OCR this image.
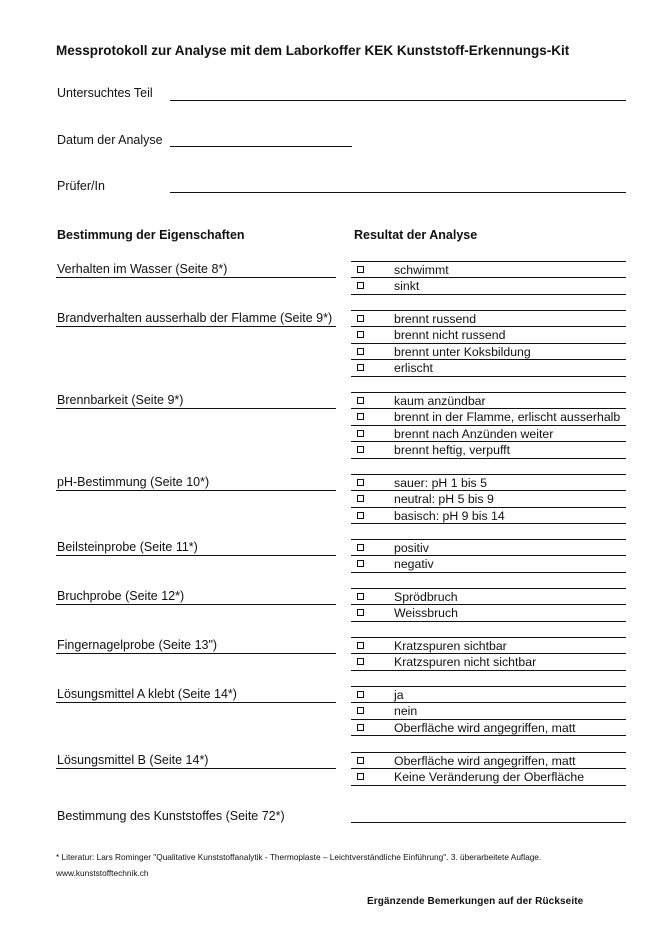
Messprotokoll zur Analyse mit dem Laborkoffer KEK Kunststoff-Erkennungs-Kit
Untersuchtes Teil
Datum der Analyse
Prüfer/In
Bestimmung der Eigenschaften	Resultat der Analyse
Verhalten im Wasser (Seite 8*)	schwimmt
sinkt
Brandverhalten ausserhalb der Flamme (Seite 9*)	brennt russend
brennt nicht russend
brennt unter Koksbildung
erlischt
Brennbarkeit (Seite 9*)	kaum anzündbar
brennt in der Flamme, erlischt ausserhalb
brennt nach Anzünden weiter
brennt heftig, verpufft
pH-Bestimmung (Seite 10*)	sauer: pH 1 bis 5
neutral: pH 5 bis 9
basisch: pH 9 bis 14
Beilsteinprobe (Seite 11*)	positiv
negativ
Bruchprobe (Seite 12*)	Sprödbruch
Weissbruch
Fingernagelprobe (Seite 13")	Kratzspuren sichtbar
Kratzspuren nicht sichtbar
Lösungsmittel A klebt (Seite 14*)	ja
nein
Oberfläche wird angegriffen, matt
Lösungsmittel B (Seite 14*)	Oberfläche wird angegriffen, matt
Keine Veränderung der Oberfläche
Bestimmung des Kunststoffes (Seite 72*)
* Literatur: Lars Rominger "Qualitative Kunststoffanalytik - Thermoplaste – Leichtverständliche Einführung". 3. überarbeitete Auflage.
www.kunststofftechnik.ch
Ergänzende Bemerkungen auf der Rückseite
